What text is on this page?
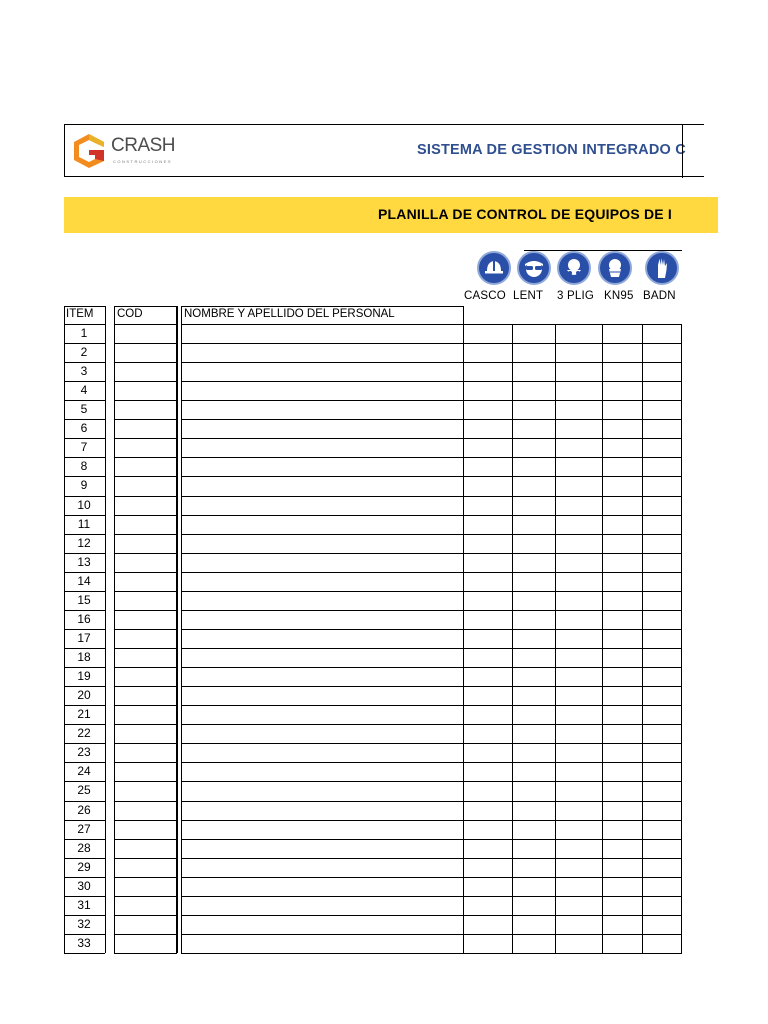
CRASH
CONSTRUCCIONES
SISTEMA DE GESTION INTEGRADO C
PLANILLA DE CONTROL DE EQUIPOS DE I
CASCO LENT 3 PLIG KN95 BADN
ITEM COD	NOMBRE Y APELLIDO DEL PERSONAL
1
2
3
4
5
6
7
8
9
10
11
12
13
14
15
16
17
18
19
20
21
22
23
24
25
26
27
28
29
30
31
32
33
